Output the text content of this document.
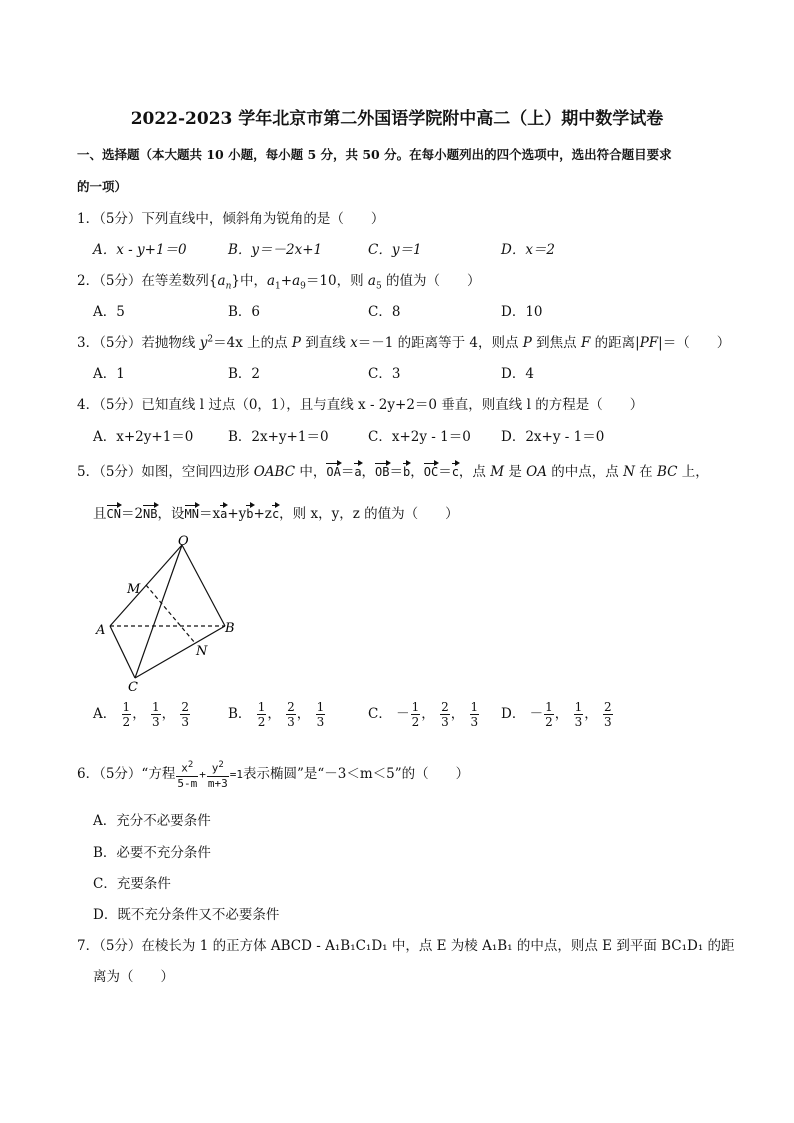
2022-2023 学年北京市第二外国语学院附中高二（上）期中数学试卷
一、选择题（本大题共 10 小题，每小题 5 分，共 50 分。在每小题列出的四个选项中，选出符合题目要求
的一项）
1．（5分）下列直线中，倾斜角为锐角的是（　　）
A．x - y+1＝0	B．y＝－2x+1	C．y＝1	D．x＝2
2．（5分）在等差数列$\{a_n\}$中，$a_1+a_9=10$，则 $a_5$ 的值为（　　）
A．5	B．6	C．8	D．10
3．（5分）若抛物线 $y^2=4x$ 上的点 P 到直线 x＝－1 的距离等于 4，则点 P 到焦点 F 的距离|PF|＝（　　）
A．1	B．2	C．3	D．4
4．（5分）已知直线 l 过点（0，1），且与直线 x - 2y+2＝0 垂直，则直线 l 的方程是（　　）
A．x+2y+1＝0	B．2x+y+1＝0	C．x+2y - 1＝0 D．2x+y - 1＝0
5．（5分）如图，空间四边形 OABC 中，OA＝a，OB＝b，OC＝c，点 M 是 OA 的中点，点 N 在 BC 上，
且CN＝2NB，设MN＝xa+yb+zc，则 x，y，z 的值为（　　）
O
M
A	B
N
C
A． $\frac{1}{2}$ ， $\frac{1}{3}$ ， $\frac{2}{3}$	B． $\frac{1}{2}$ ， $\frac{2}{3}$ ， $\frac{1}{3}$	C． － $\frac{1}{2}$ ， $\frac{2}{3}$ ， $\frac{1}{3}$ D． － $\frac{1}{2}$ ， $\frac{1}{3}$ ， $\frac{2}{3}$
6．（5分）“方程 $\frac{x^2}{5-m} + \frac{y^2}{m+3} =1$表示椭圆”是“－3＜m＜5”的（　　）
A．充分不必要条件
B．必要不充分条件
C．充要条件
D．既不充分条件又不必要条件
7．（5分）在棱长为 1 的正方体 ABCD - A₁B₁C₁D₁ 中，点 E 为棱 A₁B₁ 的中点，则点 E 到平面 BC₁D₁ 的距
离为（　　）
